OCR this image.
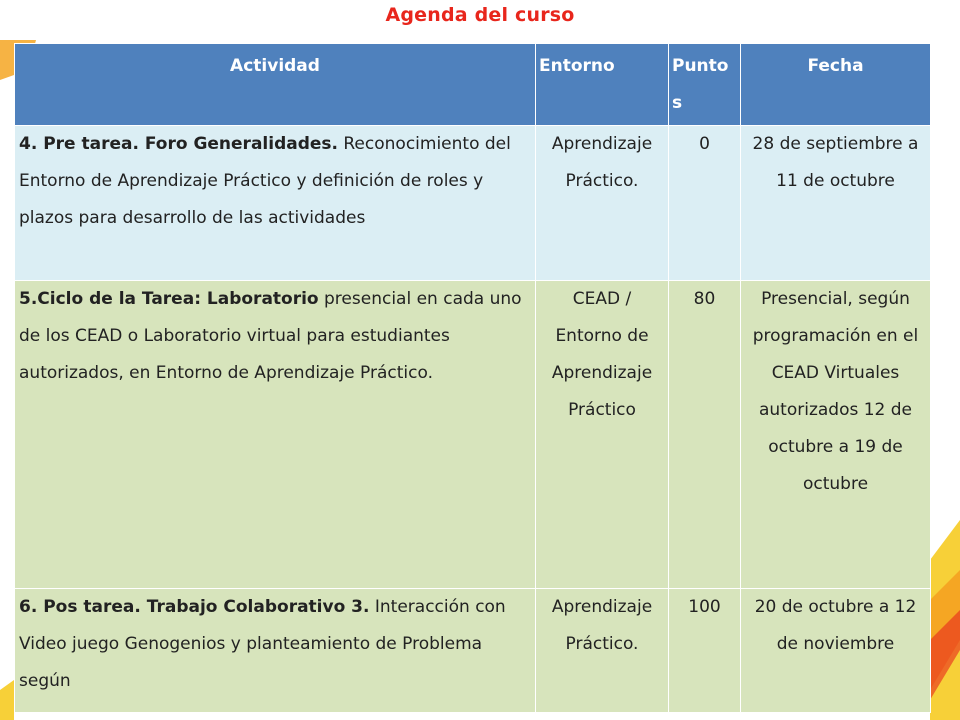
Agenda del curso
Actividad	Entorno	Puntos	Fecha
4. Pre tarea. Foro Generalidades. Reconocimiento del Entorno de Aprendizaje Práctico y definición de roles y plazos para desarrollo de las actividades	Aprendizaje Práctico.	0	28 de septiembre a 11 de octubre
5.Ciclo de la Tarea: Laboratorio presencial en cada uno de los CEAD o Laboratorio virtual para estudiantes autorizados, en Entorno de Aprendizaje Práctico.	CEAD / Entorno de Aprendizaje Práctico	80	Presencial, según programación en el CEAD Virtuales autorizados 12 de octubre a 19 de octubre
6. Pos tarea. Trabajo Colaborativo 3. Interacción con Video juego Genogenios y planteamiento de Problema según	Aprendizaje Práctico.	100	20 de octubre a 12 de noviembre
